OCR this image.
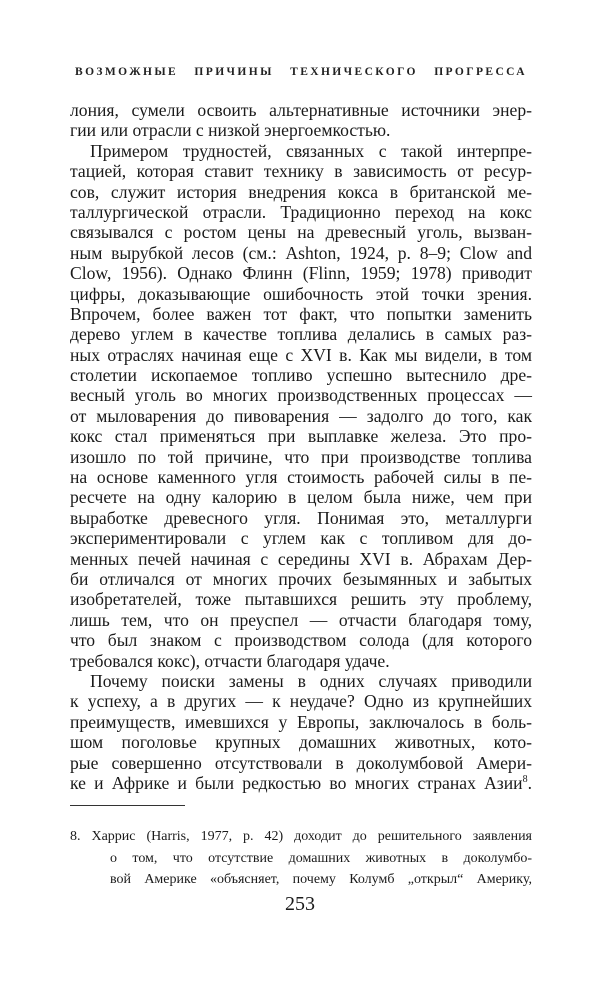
ВОЗМОЖНЫЕ ПРИЧИНЫ ТЕХНИЧЕСКОГО ПРОГРЕССА
лония, сумели освоить альтернативные источники энер-
гии или отрасли с низкой энергоемкостью.
Примером трудностей, связанных с такой интерпре-
тацией, которая ставит технику в зависимость от ресур-
сов, служит история внедрения кокса в британской ме-
таллургической отрасли. Традиционно переход на кокс
связывался с ростом цены на древесный уголь, вызван-
ным вырубкой лесов (см.: Ashton, 1924, p. 8–9; Clow and
Clow, 1956). Однако Флинн (Flinn, 1959; 1978) приводит
цифры, доказывающие ошибочность этой точки зрения.
Впрочем, более важен тот факт, что попытки заменить
дерево углем в качестве топлива делались в самых раз-
ных отраслях начиная еще с XVI в. Как мы видели, в том
столетии ископаемое топливо успешно вытеснило дре-
весный уголь во многих производственных процессах —
от мыловарения до пивоварения — задолго до того, как
кокс стал применяться при выплавке железа. Это про-
изошло по той причине, что при производстве топлива
на основе каменного угля стоимость рабочей силы в пе-
ресчете на одну калорию в целом была ниже, чем при
выработке древесного угля. Понимая это, металлурги
экспериментировали с углем как с топливом для до-
менных печей начиная с середины XVI в. Абрахам Дер-
би отличался от многих прочих безымянных и забытых
изобретателей, тоже пытавшихся решить эту проблему,
лишь тем, что он преуспел — отчасти благодаря тому,
что был знаком с производством солода (для которого
требовался кокс), отчасти благодаря удаче.
Почему поиски замены в одних случаях приводили
к успеху, а в других — к неудаче? Одно из крупнейших
преимуществ, имевшихся у Европы, заключалось в боль-
шом поголовье крупных домашних животных, кото-
рые совершенно отсутствовали в доколумбовой Амери-
ке и Африке и были редкостью во многих странах Азии$^8$.
8. Харрис (Harris, 1977, p. 42) доходит до решительного заявления
о том, что отсутствие домашних животных в доколумбо-
вой Америке «объясняет, почему Колумб „открыл“ Америку,
253
